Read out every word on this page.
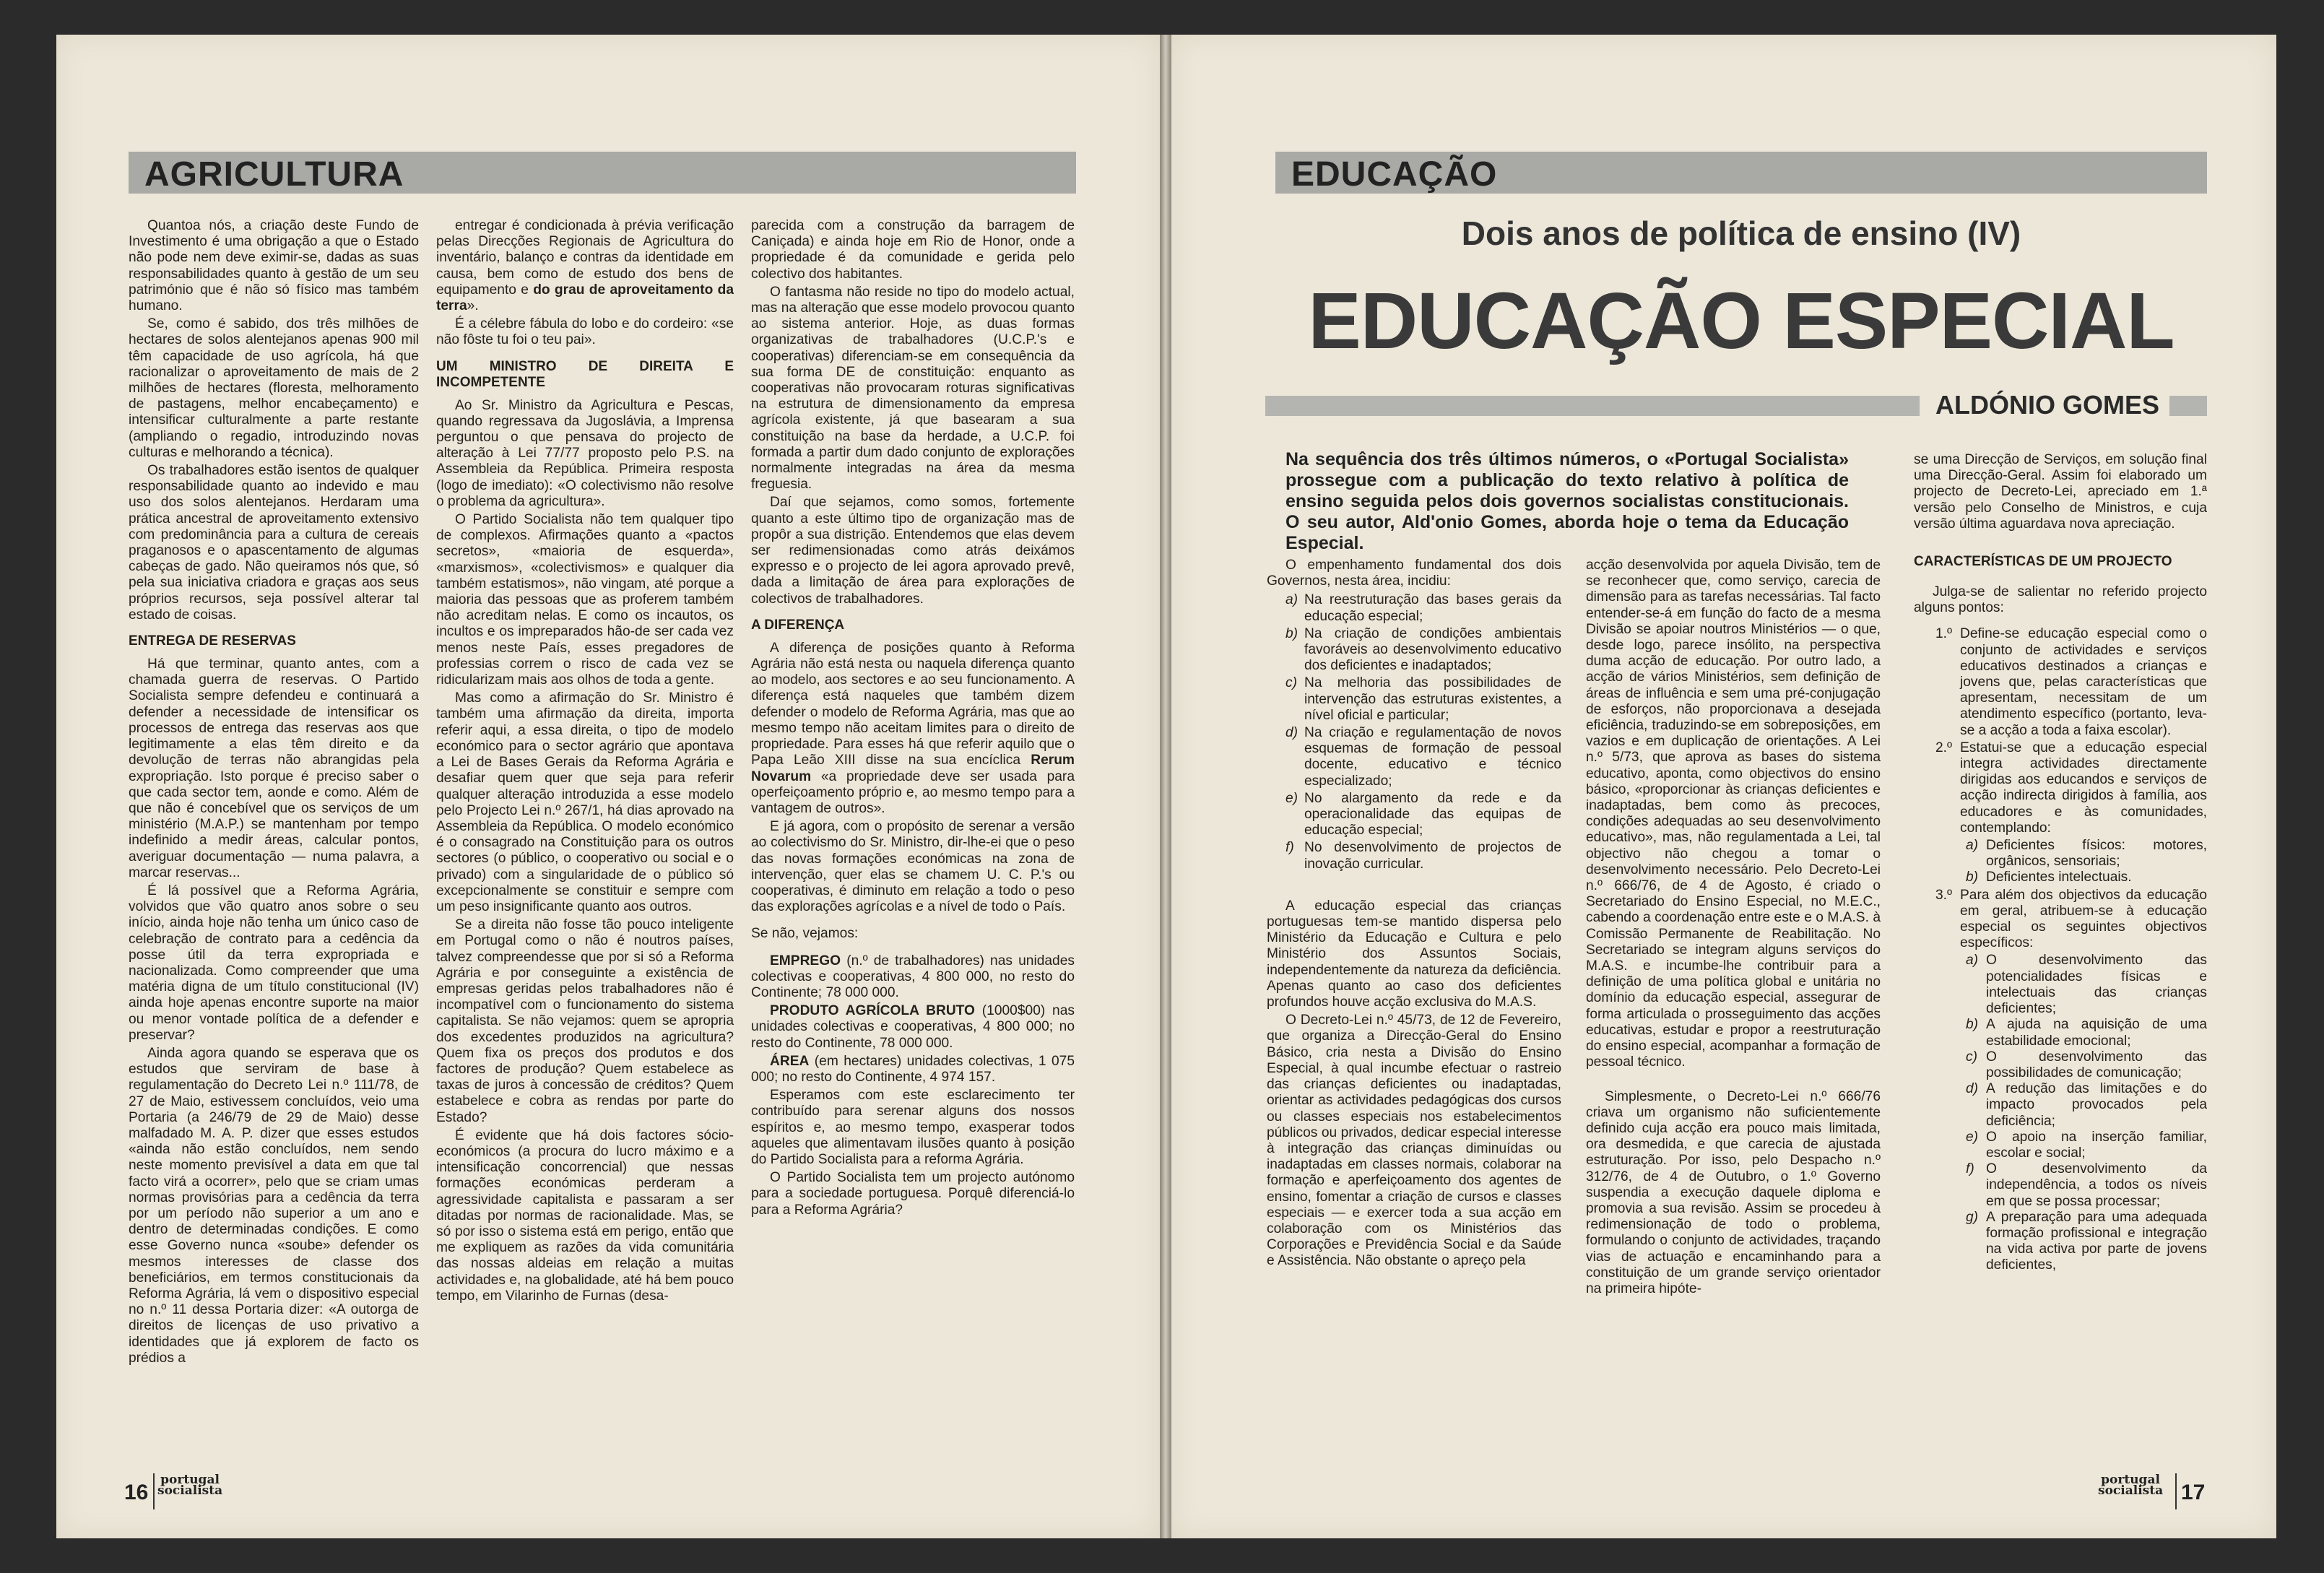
AGRICULTURA

Quantoa nós, a criação deste Fundo de Investimento é uma obrigação a que o Estado não pode nem deve eximir-se, dadas as suas responsabilidades quanto à gestão de um seu património que é não só físico mas também humano.

Se, como é sabido, dos três milhões de hectares de solos alentejanos apenas 900 mil têm capacidade de uso agrícola, há que racionalizar o aproveitamento de mais de 2 milhões de hectares (floresta, melhoramento de pastagens, melhor encabeçamento) e intensificar culturalmente a parte restante (ampliando o regadio, introduzindo novas culturas e melhorando a técnica).

Os trabalhadores estão isentos de qualquer responsabilidade quanto ao indevido e mau uso dos solos alentejanos. Herdaram uma prática ancestral de aproveitamento extensivo com predominância para a cultura de cereais praganosos e o apascentamento de algumas cabeças de gado. Não queiramos nós que, só pela sua iniciativa criadora e graças aos seus próprios recursos, seja possível alterar tal estado de coisas.

ENTREGA DE RESERVAS

Há que terminar, quanto antes, com a chamada guerra de reservas. O Partido Socialista sempre defendeu e continuará a defender a necessidade de intensificar os processos de entrega das reservas aos que legitimamente a elas têm direito e da devolução de terras não abrangidas pela expropriação. Isto porque é preciso saber o que cada sector tem, aonde e como. Além de que não é concebível que os serviços de um ministério (M.A.P.) se mantenham por tempo indefinido a medir áreas, calcular pontos, averiguar documentação — numa palavra, a marcar reservas...

É lá possível que a Reforma Agrária, volvidos que vão quatro anos sobre o seu início, ainda hoje não tenha um único caso de celebração de contrato para a cedência da posse útil da terra expropriada e nacionalizada. Como compreender que uma matéria digna de um título constitucional (IV) ainda hoje apenas encontre suporte na maior ou menor vontade política de a defender e preservar?

Ainda agora quando se esperava que os estudos que serviram de base à regulamentação do Decreto Lei n.º 111/78, de 27 de Maio, estivessem concluídos, veio uma Portaria (a 246/79 de 29 de Maio) desse malfadado M. A. P. dizer que esses estudos «ainda não estão concluídos, nem sendo neste momento previsível a data em que tal facto virá a ocorrer», pelo que se criam umas normas provisórias para a cedência da terra por um período não superior a um ano e dentro de determinadas condições. E como esse Governo nunca «soube» defender os mesmos interesses de classe dos beneficiários, em termos constitucionais da Reforma Agrária, lá vem o dispositivo especial no n.º 11 dessa Portaria dizer: «A outorga de direitos de licenças de uso privativo a identidades que já explorem de facto os prédios a

entregar é condicionada à prévia verificação pelas Direcções Regionais de Agricultura do inventário, balanço e contras da identidade em causa, bem como de estudo dos bens de equipamento e do grau de aproveitamento da terra».

É a célebre fábula do lobo e do cordeiro: «se não fôste tu foi o teu pai».

UM MINISTRO DE DIREITA E INCOMPETENTE

Ao Sr. Ministro da Agricultura e Pescas, quando regressava da Jugoslávia, a Imprensa perguntou o que pensava do projecto de alteração à Lei 77/77 proposto pelo P.S. na Assembleia da República. Primeira resposta (logo de imediato): «O colectivismo não resolve o problema da agricultura».

O Partido Socialista não tem qualquer tipo de complexos. Afirmações quanto a «pactos secretos», «maioria de esquerda», «marxismos», «colectivismos» e qualquer dia também estatismos», não vingam, até porque a maioria das pessoas que as proferem também não acreditam nelas. E como os incautos, os incultos e os impreparados hão-de ser cada vez menos neste País, esses pregadores de professias correm o risco de cada vez se ridicularizam mais aos olhos de toda a gente.

Mas como a afirmação do Sr. Ministro é também uma afirmação da direita, importa referir aqui, a essa direita, o tipo de modelo económico para o sector agrário que apontava a Lei de Bases Gerais da Reforma Agrária e desafiar quem quer que seja para referir qualquer alteração introduzida a esse modelo pelo Projecto Lei n.º 267/1, há dias aprovado na Assembleia da República. O modelo económico é o consagrado na Constituição para os outros sectores (o público, o cooperativo ou social e o privado) com a singularidade de o público só excepcionalmente se constituir e sempre com um peso insignificante quanto aos outros.

Se a direita não fosse tão pouco inteligente em Portugal como o não é noutros países, talvez compreendesse que por si só a Reforma Agrária e por conseguinte a existência de empresas geridas pelos trabalhadores não é incompatível com o funcionamento do sistema capitalista. Se não vejamos: quem se apropria dos excedentes produzidos na agricultura? Quem fixa os preços dos produtos e dos factores de produção? Quem estabelece as taxas de juros à concessão de créditos? Quem estabelece e cobra as rendas por parte do Estado?

É evidente que há dois factores sócio-económicos (a procura do lucro máximo e a intensificação concorrencial) que nessas formações económicas perderam a agressividade capitalista e passaram a ser ditadas por normas de racionalidade. Mas, se só por isso o sistema está em perigo, então que me expliquem as razões da vida comunitária das nossas aldeias em relação a muitas actividades e, na globalidade, até há bem pouco tempo, em Vilarinho de Furnas (desa-

parecida com a construção da barragem de Caniçada) e ainda hoje em Rio de Honor, onde a propriedade é da comunidade e gerida pelo colectivo dos habitantes.

O fantasma não reside no tipo do modelo actual, mas na alteração que esse modelo provocou quanto ao sistema anterior. Hoje, as duas formas organizativas de trabalhadores (U.C.P.'s e cooperativas) diferenciam-se em consequência da sua forma DE de constituição: enquanto as cooperativas não provocaram roturas significativas na estrutura de dimensionamento da empresa agrícola existente, já que basearam a sua constituição na base da herdade, a U.C.P. foi formada a partir dum dado conjunto de explorações normalmente integradas na área da mesma freguesia.

Daí que sejamos, como somos, fortemente quanto a este último tipo de organização mas de propôr a sua distrição. Entendemos que elas devem ser redimensionadas como atrás deixámos expresso e o projecto de lei agora aprovado prevê, dada a limitação de área para explorações de colectivos de trabalhadores.

A DIFERENÇA

A diferença de posições quanto à Reforma Agrária não está nesta ou naquela diferença quanto ao modelo, aos sectores e ao seu funcionamento. A diferença está naqueles que também dizem defender o modelo de Reforma Agrária, mas que ao mesmo tempo não aceitam limites para o direito de propriedade. Para esses há que referir aquilo que o Papa Leão XIII disse na sua encíclica Rerum Novarum «a propriedade deve ser usada para operfeiçoamento próprio e, ao mesmo tempo para a vantagem de outros».

E já agora, com o propósito de serenar a versão ao colectivismo do Sr. Ministro, dir-lhe-ei que o peso das novas formações económicas na zona de intervenção, quer elas se chamem U. C. P.'s ou cooperativas, é diminuto em relação a todo o peso das explorações agrícolas e a nível de todo o País.

Se não, vejamos:

EMPREGO (n.º de trabalhadores) nas unidades colectivas e cooperativas, 4 800 000, no resto do Continente; 78 000 000.

PRODUTO AGRÍCOLA BRUTO (1000$00) nas unidades colectivas e cooperativas, 4 800 000; no resto do Continente, 78 000 000.

ÁREA (em hectares) unidades colectivas, 1 075 000; no resto do Continente, 4 974 157.

Esperamos com este esclarecimento ter contribuído para serenar alguns dos nossos espíritos e, ao mesmo tempo, exasperar todos aqueles que alimentavam ilusões quanto à posição do Partido Socialista para a reforma Agrária.

O Partido Socialista tem um projecto autónomo para a sociedade portuguesa. Porquê diferenciá-lo para a Reforma Agrária?

16
portugal
socialista
EDUCAÇÃO
Dois anos de política de ensino (IV)
EDUCAÇÃO ESPECIAL
ALDÓNIO GOMES
Na sequência dos três últimos números, o «Portugal Socialista» prossegue com a publicação do texto relativo à política de ensino seguida pelos dois governos socialistas constitucionais. O seu autor, Ald'onio Gomes, aborda hoje o tema da Educação Especial.

O empenhamento fundamental dos dois Governos, nesta área, incidiu:

a) Na reestruturação das bases gerais da educação especial;
b) Na criação de condições ambientais favoráveis ao desenvolvimento educativo dos deficientes e inadaptados;
c) Na melhoria das possibilidades de intervenção das estruturas existentes, a nível oficial e particular;
d) Na criação e regulamentação de novos esquemas de formação de pessoal docente, educativo e técnico especializado;
e) No alargamento da rede e da operacionalidade das equipas de educação especial;
f) No desenvolvimento de projectos de inovação curricular.

A educação especial das crianças portuguesas tem-se mantido dispersa pelo Ministério da Educação e Cultura e pelo Ministério dos Assuntos Sociais, independentemente da natureza da deficiência. Apenas quanto ao caso dos deficientes profundos houve acção exclusiva do M.A.S.

O Decreto-Lei n.º 45/73, de 12 de Fevereiro, que organiza a Direcção-Geral do Ensino Básico, cria nesta a Divisão do Ensino Especial, à qual incumbe efectuar o rastreio das crianças deficientes ou inadaptadas, orientar as actividades pedagógicas dos cursos ou classes especiais nos estabelecimentos públicos ou privados, dedicar especial interesse à integração das crianças diminuídas ou inadaptadas em classes normais, colaborar na formação e aperfeiçoamento dos agentes de ensino, fomentar a criação de cursos e classes especiais — e exercer toda a sua acção em colaboração com os Ministérios das Corporações e Previdência Social e da Saúde e Assistência. Não obstante o apreço pela

acção desenvolvida por aquela Divisão, tem de se reconhecer que, como serviço, carecia de dimensão para as tarefas necessárias. Tal facto entender-se-á em função do facto de a mesma Divisão se apoiar noutros Ministérios — o que, desde logo, parece insólito, na perspectiva duma acção de educação. Por outro lado, a acção de vários Ministérios, sem definição de áreas de influência e sem uma pré-conjugação de esforços, não proporcionava a desejada eficiência, traduzindo-se em sobreposições, em vazios e em duplicação de orientações. A Lei n.º 5/73, que aprova as bases do sistema educativo, aponta, como objectivos do ensino básico, «proporcionar às crianças deficientes e inadaptadas, bem como às precoces, condições adequadas ao seu desenvolvimento educativo», mas, não regulamentada a Lei, tal objectivo não chegou a tomar o desenvolvimento necessário. Pelo Decreto-Lei n.º 666/76, de 4 de Agosto, é criado o Secretariado do Ensino Especial, no M.E.C., cabendo a coordenação entre este e o M.A.S. à Comissão Permanente de Reabilitação. No Secretariado se integram alguns serviços do M.A.S. e incumbe-lhe contribuir para a definição de uma política global e unitária no domínio da educação especial, assegurar de forma articulada o prosseguimento das acções educativas, estudar e propor a reestruturação do ensino especial, acompanhar a formação de pessoal técnico.

Simplesmente, o Decreto-Lei n.º 666/76 criava um organismo não suficientemente definido cuja acção era pouco mais limitada, ora desmedida, e que carecia de ajustada estruturação. Por isso, pelo Despacho n.º 312/76, de 4 de Outubro, o 1.º Governo suspendia a execução daquele diploma e promovia a sua revisão. Assim se procedeu à redimensionação de todo o problema, formulando o conjunto de actividades, traçando vias de actuação e encaminhando para a constituição de um grande serviço orientador na primeira hipóte-

se uma Direcção de Serviços, em solução final uma Direcção-Geral. Assim foi elaborado um projecto de Decreto-Lei, apreciado em 1.ª versão pelo Conselho de Ministros, e cuja versão última aguardava nova apreciação.

CARACTERÍSTICAS DE UM PROJECTO

Julga-se de salientar no referido projecto alguns pontos:

1.º Define-se educação especial como o conjunto de actividades e serviços educativos destinados a crianças e jovens que, pelas características que apresentam, necessitam de um atendimento específico (portanto, leva-se a acção a toda a faixa escolar).
2.º Estatui-se que a educação especial integra actividades directamente dirigidas aos educandos e serviços de acção indirecta dirigidos à família, aos educadores e às comunidades, contemplando:
a) Deficientes físicos: motores, orgânicos, sensoriais;
b) Deficientes intelectuais.
3.º Para além dos objectivos da educação em geral, atribuem-se à educação especial os seguintes objectivos específicos:
a) O desenvolvimento das potencialidades físicas e intelectuais das crianças deficientes;
b) A ajuda na aquisição de uma estabilidade emocional;
c) O desenvolvimento das possibilidades de comunicação;
d) A redução das limitações e do impacto provocados pela deficiência;
e) O apoio na inserção familiar, escolar e social;
f) O desenvolvimento da independência, a todos os níveis em que se possa processar;
g) A preparação para uma adequada formação profissional e integração na vida activa por parte de jovens deficientes,
portugal
socialista 17
